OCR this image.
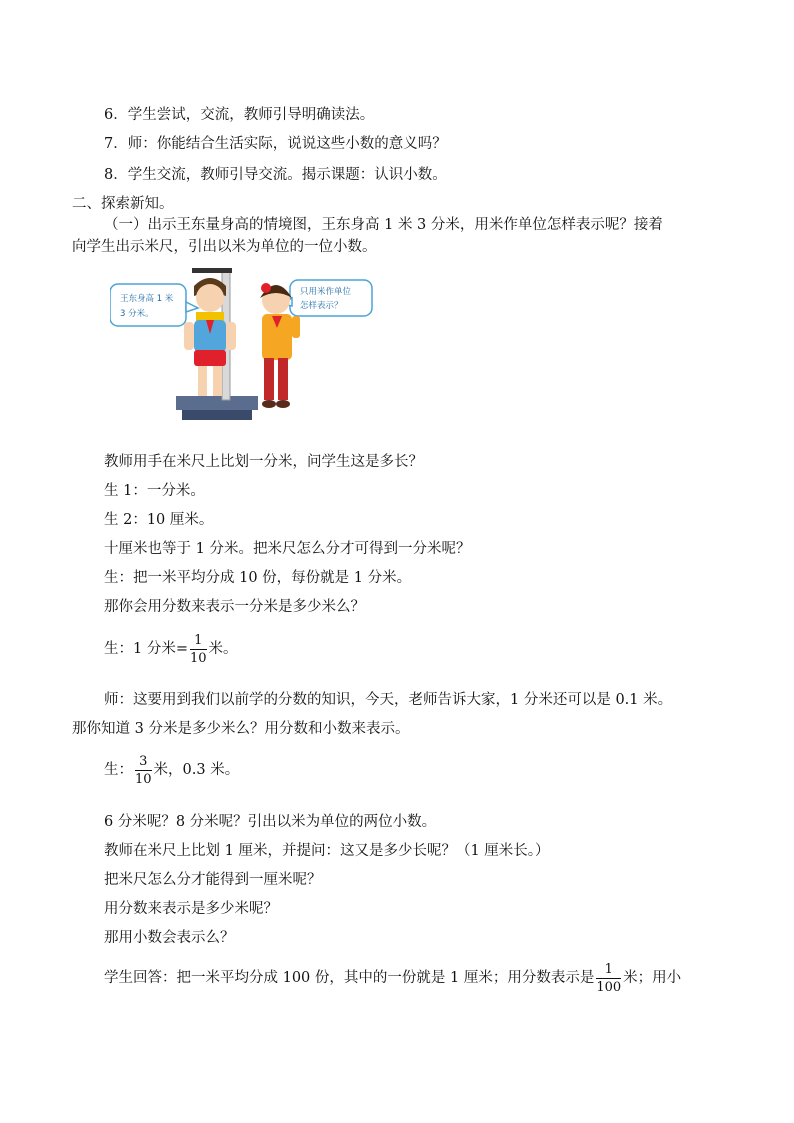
6．学生尝试，交流，教师引导明确读法。
7．师：你能结合生活实际，说说这些小数的意义吗？
8．学生交流，教师引导交流。揭示课题：认识小数。
二、探索新知。
（一）出示王东量身高的情境图，王东身高 1 米 3 分米，用米作单位怎样表示呢？接着
向学生出示米尺，引出以米为单位的一位小数。
王东身高 1 米
3 分米。
只用米作单位
怎样表示？
教师用手在米尺上比划一分米，问学生这是多长？
生 1：一分米。
生 2：10 厘米。
十厘米也等于 1 分米。把米尺怎么分才可得到一分米呢？
生：把一米平均分成 10 份，每份就是 1 分米。
那你会用分数来表示一分米是多少米么？
生：1 分米= $\frac{1}{10}$ 米。
师：这要用到我们以前学的分数的知识，今天，老师告诉大家，1 分米还可以是 0.1 米。
那你知道 3 分米是多少米么？用分数和小数来表示。
生： $\frac{3}{10}$ 米，0.3 米。
6 分米呢？8 分米呢？引出以米为单位的两位小数。
教师在米尺上比划 1 厘米，并提问：这又是多少长呢？（1 厘米长。）
把米尺怎么分才能得到一厘米呢？
用分数来表示是多少米呢？
那用小数会表示么？
学生回答：把一米平均分成 100 份，其中的一份就是 1 厘米；用分数表示是 $\frac{1}{100}$ 米；用小
